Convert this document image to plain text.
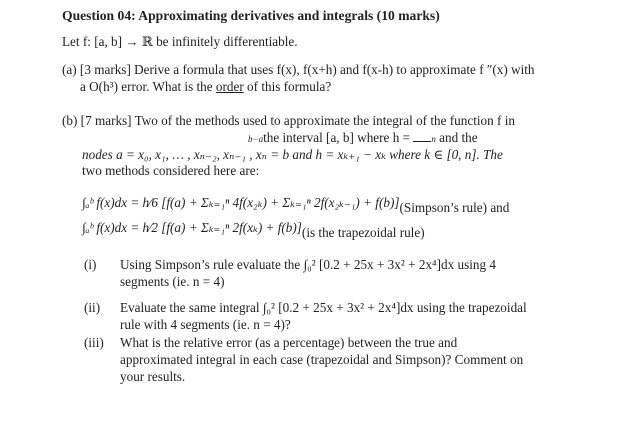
Question 04: Approximating derivatives and integrals (10 marks)
Let f: [a, b] → ℝ be infinitely differentiable.
(a) [3 marks] Derive a formula that uses f(x), f(x+h) and f(x-h) to approximate f ″(x) with
a O(h³) error. What is the order of this formula?
(b) [7 marks] Two of the methods used to approximate the integral of the function f in
b−athe interval [a, b] where h = n and the
nodes a = x₀, x₁, … , xₙ₋₂, xₙ₋₁ , xₙ = b and h = xₖ₊₁ − xₖ where k ∈ [0, n]. The
two methods considered here are:
∫ₐᵇ f(x)dx = h⁄6 [f(a) + Σₖ₌₁ⁿ 4f(x₂ₖ) + Σₖ₌₁ⁿ 2f(x₂ₖ₋₁) + f(b)](Simpson’s rule) and
∫ₐᵇ f(x)dx = h⁄2 [f(a) + Σₖ₌₁ⁿ 2f(xₖ) + f(b)](is the trapezoidal rule)
(i) Using Simpson’s rule evaluate the ∫₀² [0.2 + 25x + 3x² + 2x⁴]dx using 4
segments (ie. n = 4)
(ii) Evaluate the same integral ∫₀² [0.2 + 25x + 3x² + 2x⁴]dx using the trapezoidal
rule with 4 segments (ie. n = 4)?
(iii) What is the relative error (as a percentage) between the true and
approximated integral in each case (trapezoidal and Simpson)? Comment on
your results.
